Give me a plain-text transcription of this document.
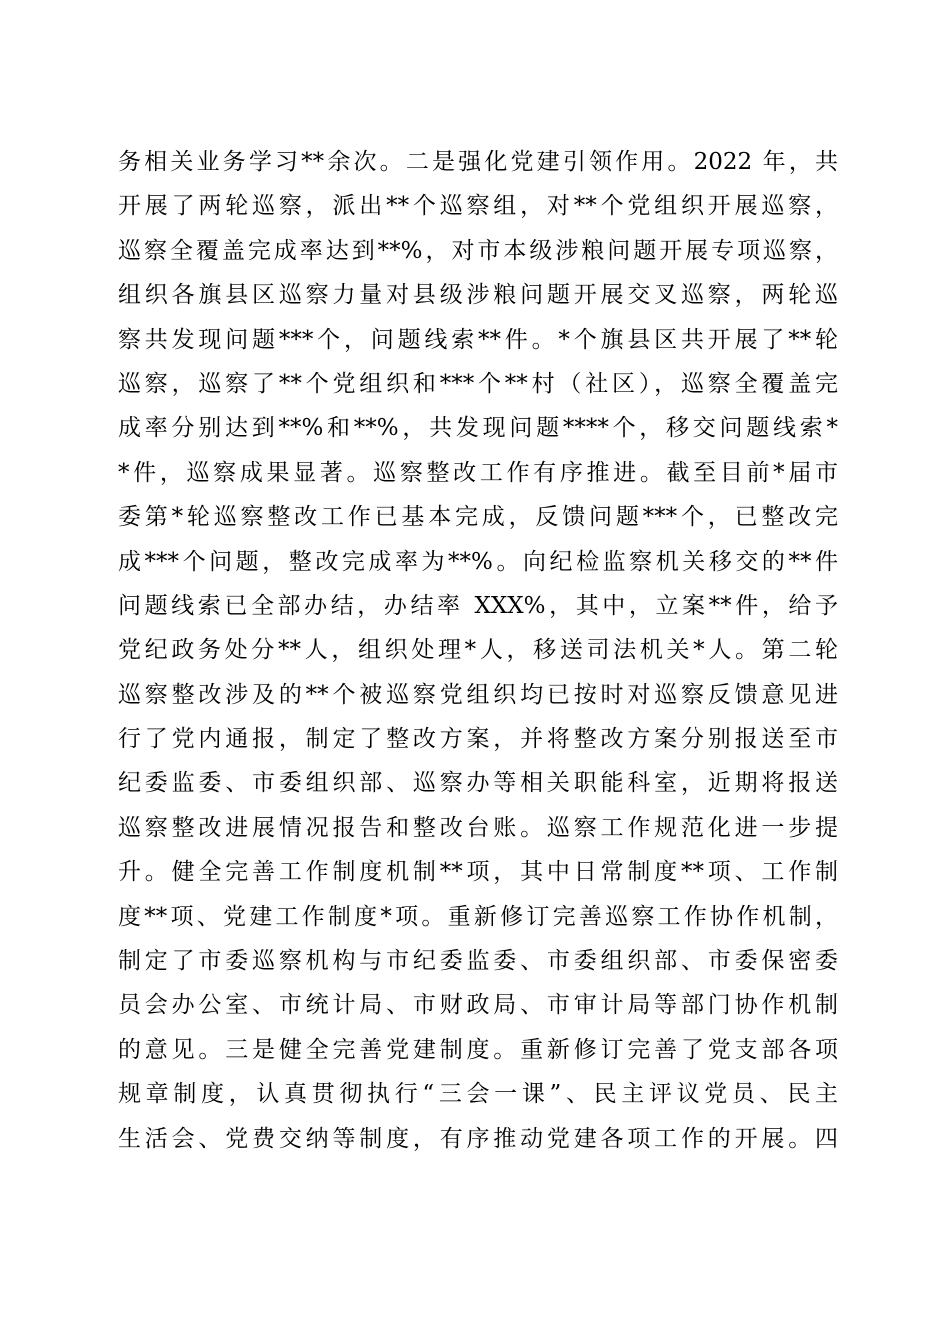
务相关业务学习**余次。二是强化党建引领作用。2022 年，共
开展了两轮巡察，派出**个巡察组，对**个党组织开展巡察，
巡察全覆盖完成率达到**%，对市本级涉粮问题开展专项巡察，
组织各旗县区巡察力量对县级涉粮问题开展交叉巡察，两轮巡
察共发现问题***个，问题线索**件。*个旗县区共开展了**轮
巡察，巡察了**个党组织和***个**村（社区），巡察全覆盖完
成率分别达到**%和**%，共发现问题****个，移交问题线索*
*件，巡察成果显著。巡察整改工作有序推进。截至目前*届市
委第*轮巡察整改工作已基本完成，反馈问题***个，已整改完
成***个问题，整改完成率为**%。向纪检监察机关移交的**件
问题线索已全部办结，办结率 XXX%，其中，立案**件，给予
党纪政务处分**人，组织处理*人，移送司法机关*人。第二轮
巡察整改涉及的**个被巡察党组织均已按时对巡察反馈意见进
行了党内通报，制定了整改方案，并将整改方案分别报送至市
纪委监委、市委组织部、巡察办等相关职能科室，近期将报送
巡察整改进展情况报告和整改台账。巡察工作规范化进一步提
升。健全完善工作制度机制**项，其中日常制度**项、工作制
度**项、党建工作制度*项。重新修订完善巡察工作协作机制，
制定了市委巡察机构与市纪委监委、市委组织部、市委保密委
员会办公室、市统计局、市财政局、市审计局等部门协作机制
的意见。三是健全完善党建制度。重新修订完善了党支部各项
规章制度，认真贯彻执行“三会一课”、民主评议党员、民主
生活会、党费交纳等制度，有序推动党建各项工作的开展。四
